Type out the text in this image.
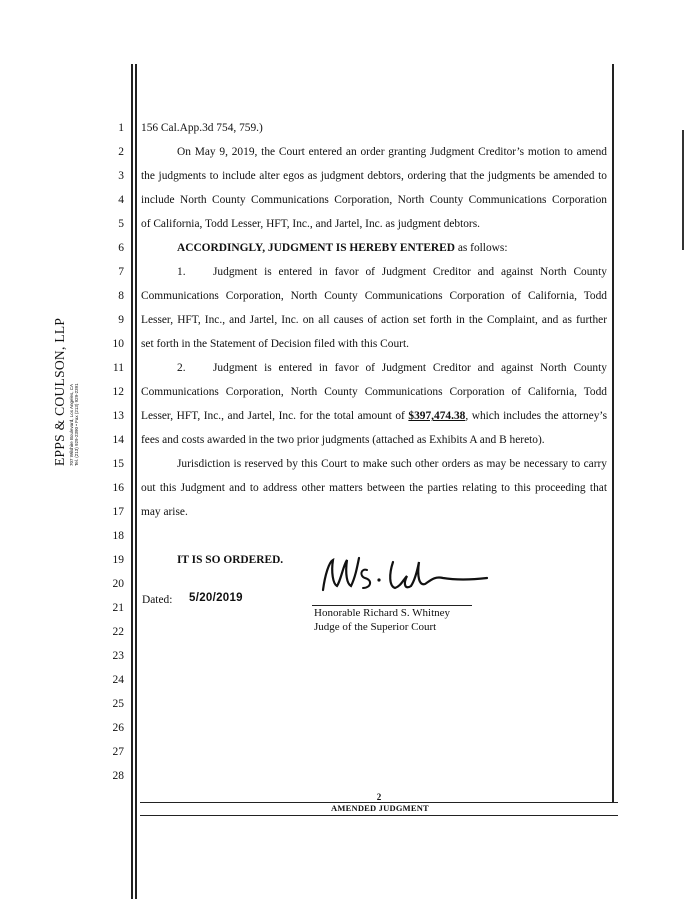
EPPS & COULSON, LLP 707 Wilshire Boulevard, Los Angeles, CA Tel. (213) 929-2390 • Fax (213) 929-2391
1
2
3
4
5
6
7
8
9
10
11
12
13
14
15
16
17
18
19
20
21
22
23
24
25
26
27
28
156 Cal.App.3d 754, 759.)
On May 9, 2019, the Court entered an order granting Judgment Creditor’s motion to amend
the judgments to include alter egos as judgment debtors, ordering that the judgments be amended to
include North County Communications Corporation, North County Communications Corporation
of California, Todd Lesser, HFT, Inc., and Jartel, Inc. as judgment debtors.
ACCORDINGLY, JUDGMENT IS HEREBY ENTERED as follows:
1. Judgment is entered in favor of Judgment Creditor and against North County
Communications Corporation, North County Communications Corporation of California, Todd
Lesser, HFT, Inc., and Jartel, Inc. on all causes of action set forth in the Complaint, and as further
set forth in the Statement of Decision filed with this Court.
2. Judgment is entered in favor of Judgment Creditor and against North County
Communications Corporation, North County Communications Corporation of California, Todd
Lesser, HFT, Inc., and Jartel, Inc. for the total amount of $397,474.38, which includes the attorney’s
fees and costs awarded in the two prior judgments (attached as Exhibits A and B hereto).
Jurisdiction is reserved by this Court to make such other orders as may be necessary to carry
out this Judgment and to address other matters between the parties relating to this proceeding that
may arise.
IT IS SO ORDERED.
Dated: 5/20/2019
Honorable Richard S. Whitney
Judge of the Superior Court
2
AMENDED JUDGMENT
